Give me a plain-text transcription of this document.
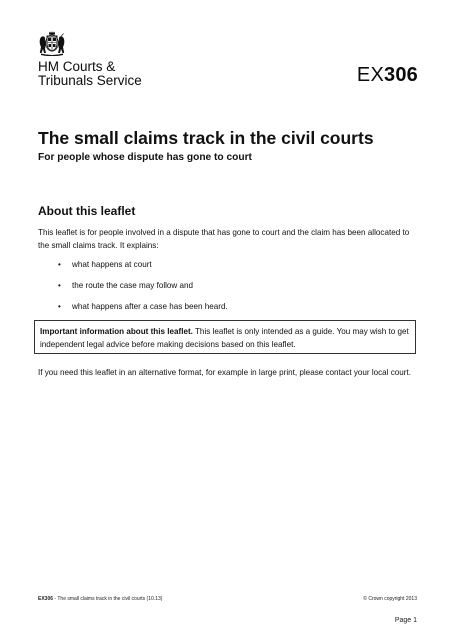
HM Courts &
Tribunals Service	EX306
The small claims track in the civil courts
For people whose dispute has gone to court
About this leaflet

This leaflet is for people involved in a dispute that has gone to court and the claim has been allocated to the small claims track. It explains:

• what happens at court
• the route the case may follow and
• what happens after a case has been heard.
Important information about this leaflet. This leaflet is only intended as a guide. You may wish to get independent legal advice before making decisions based on this leaflet.

If you need this leaflet in an alternative format, for example in large print, please contact your local court.

EX306 - The small claims track in the civil courts (10.13)	© Crown copyright 2013
Page 1
